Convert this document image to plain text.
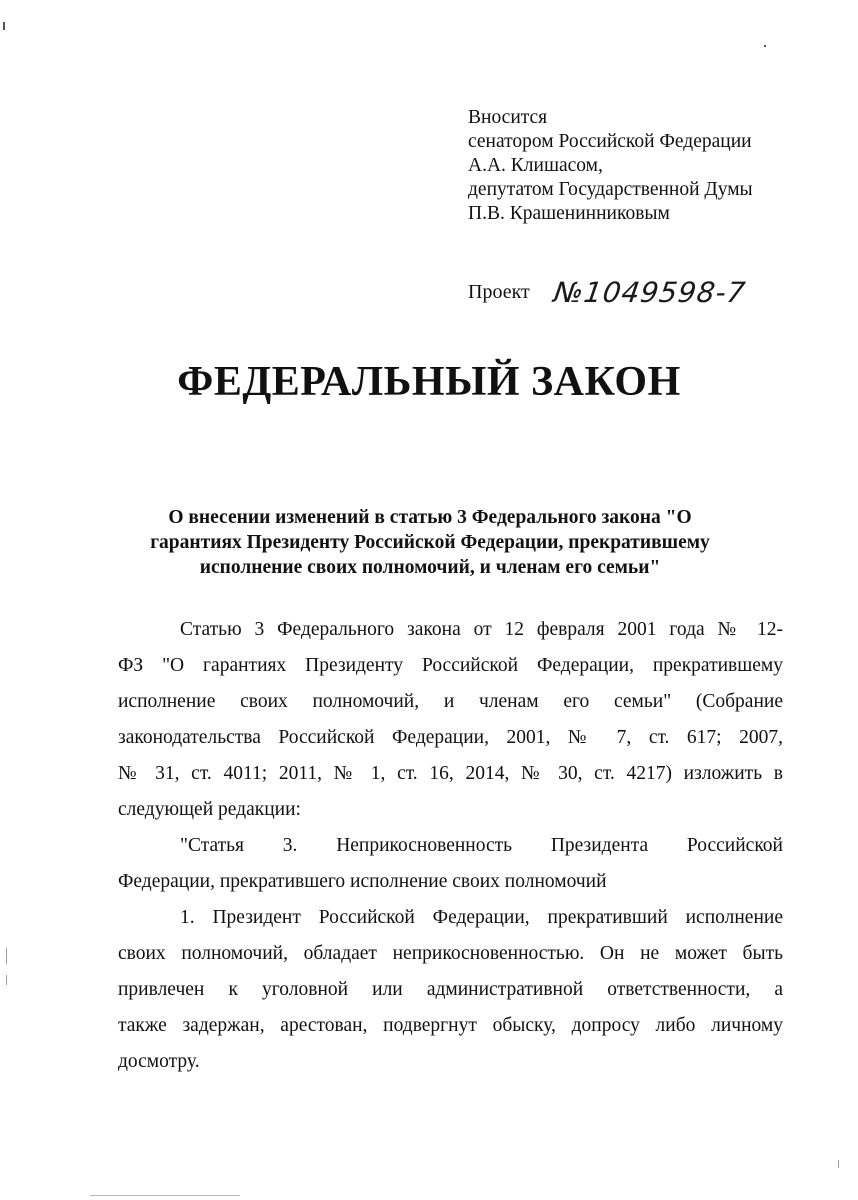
Вносится
сенатором Российской Федерации
А.А. Клишасом,
депутатом Государственной Думы
П.В. Крашенинниковым
Проект №1049598-7
ФЕДЕРАЛЬНЫЙ ЗАКОН
О внесении изменений в статью 3 Федерального закона "О
гарантиях Президенту Российской Федерации, прекратившему
исполнение своих полномочий, и членам его семьи"
Статью 3 Федерального закона от 12 февраля 2001 года № 12-
ФЗ "О гарантиях Президенту Российской Федерации, прекратившему
исполнение своих полномочий, и членам его семьи" (Собрание
законодательства Российской Федерации, 2001, № 7, ст. 617; 2007,
№ 31, ст. 4011; 2011, № 1, ст. 16, 2014, № 30, ст. 4217) изложить в
следующей редакции:
"Статья 3. Неприкосновенность Президента Российской
Федерации, прекратившего исполнение своих полномочий
1. Президент Российской Федерации, прекративший исполнение
своих полномочий, обладает неприкосновенностью. Он не может быть
привлечен к уголовной или административной ответственности, а
также задержан, арестован, подвергнут обыску, допросу либо личному
досмотру.
